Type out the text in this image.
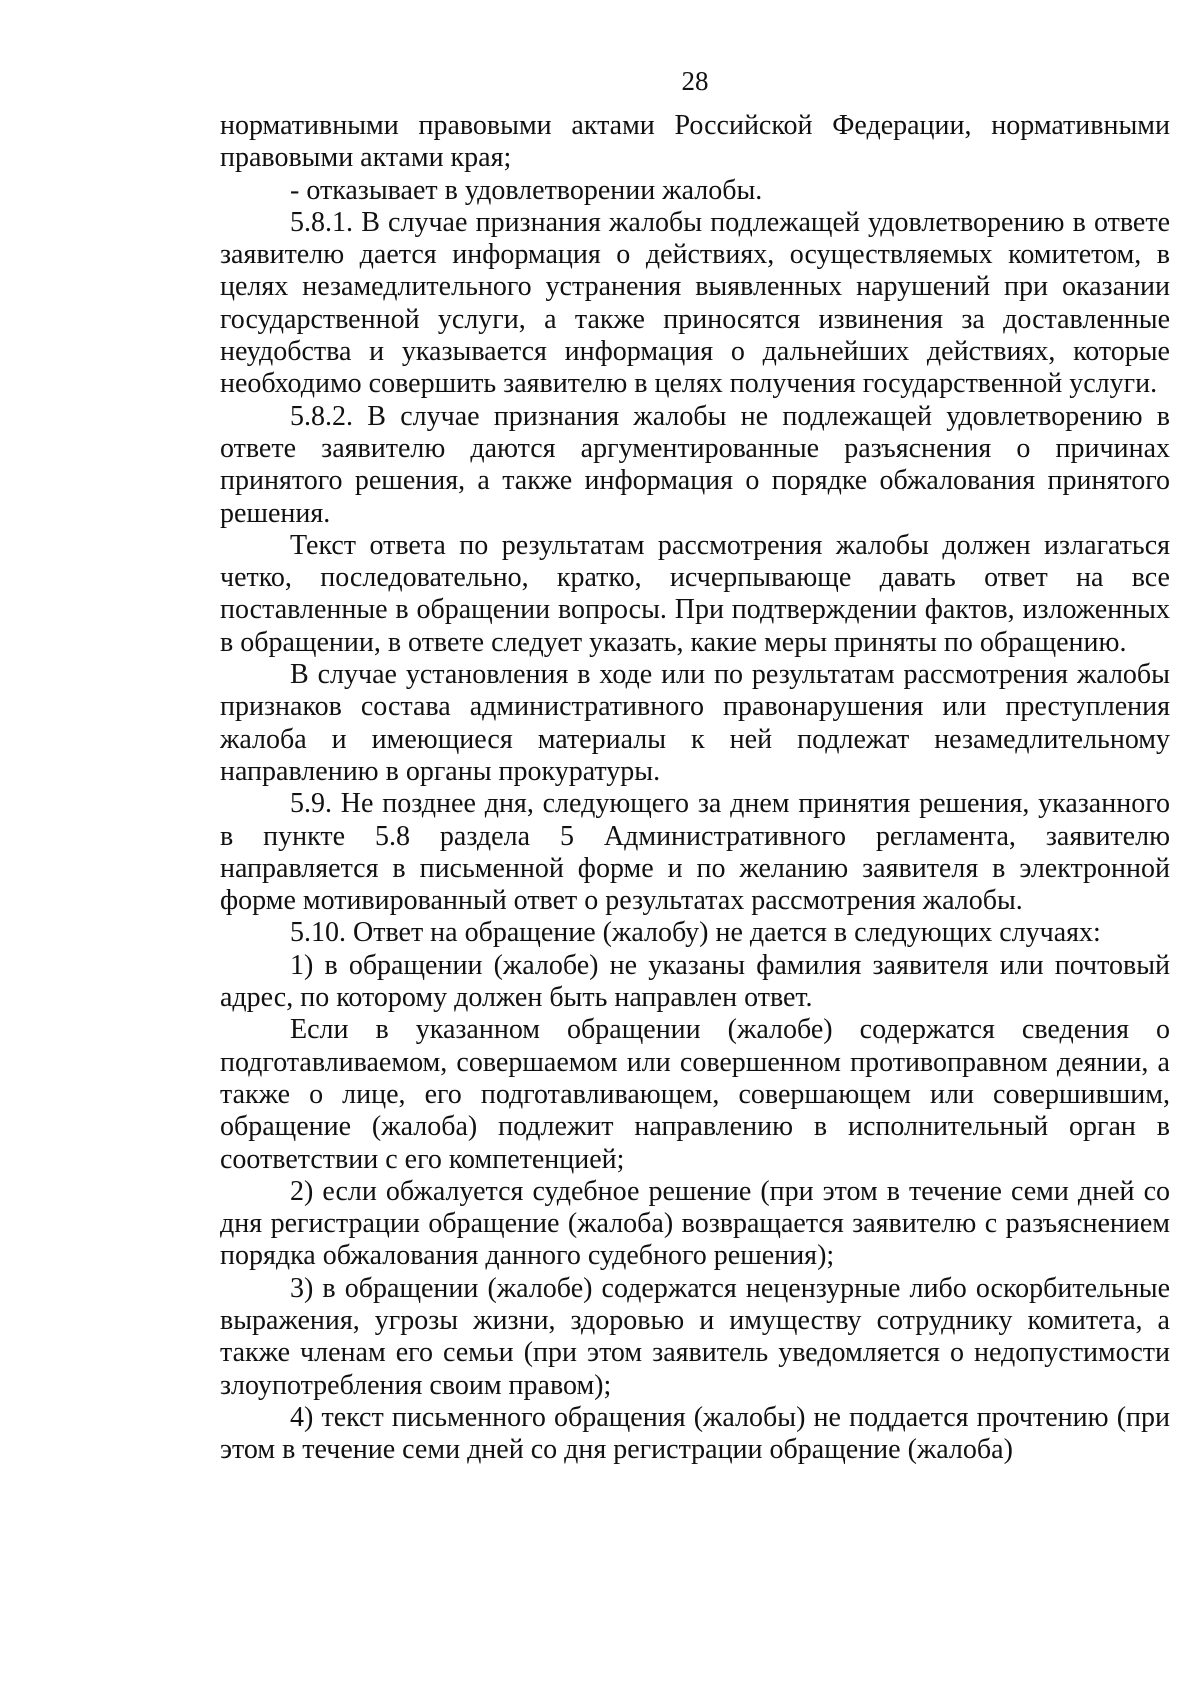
28

нормативными правовыми актами Российской Федерации, нормативными правовыми актами края;

- отказывает в удовлетворении жалобы.

5.8.1. В случае признания жалобы подлежащей удовлетворению в ответе заявителю дается информация о действиях, осуществляемых комитетом, в целях незамедлительного устранения выявленных нарушений при оказании государственной услуги, а также приносятся извинения за доставленные неудобства и указывается информация о дальнейших действиях, которые необходимо совершить заявителю в целях получения государственной услуги.

5.8.2. В случае признания жалобы не подлежащей удовлетворению в ответе заявителю даются аргументированные разъяснения о причинах принятого решения, а также информация о порядке обжалования принятого решения.

Текст ответа по результатам рассмотрения жалобы должен излагаться четко, последовательно, кратко, исчерпывающе давать ответ на все поставленные в обращении вопросы. При подтверждении фактов, изложенных в обращении, в ответе следует указать, какие меры приняты по обращению.

В случае установления в ходе или по результатам рассмотрения жалобы признаков состава административного правонарушения или преступления жалоба и имеющиеся материалы к ней подлежат незамедлительному направлению в органы прокуратуры.

5.9. Не позднее дня, следующего за днем принятия решения, указанного в пункте 5.8 раздела 5 Административного регламента, заявителю направляется в письменной форме и по желанию заявителя в электронной форме мотивированный ответ о результатах рассмотрения жалобы.

5.10. Ответ на обращение (жалобу) не дается в следующих случаях:

1) в обращении (жалобе) не указаны фамилия заявителя или почтовый адрес, по которому должен быть направлен ответ.

Если в указанном обращении (жалобе) содержатся сведения о подготавливаемом, совершаемом или совершенном противоправном деянии, а также о лице, его подготавливающем, совершающем или совершившим, обращение (жалоба) подлежит направлению в исполнительный орган в соответствии с его компетенцией;

2) если обжалуется судебное решение (при этом в течение семи дней со дня регистрации обращение (жалоба) возвращается заявителю с разъяснением порядка обжалования данного судебного решения);

3) в обращении (жалобе) содержатся нецензурные либо оскорбительные выражения, угрозы жизни, здоровью и имуществу сотруднику комитета, а также членам его семьи (при этом заявитель уведомляется о недопустимости злоупотребления своим правом);

4) текст письменного обращения (жалобы) не поддается прочтению (при этом в течение семи дней со дня регистрации обращение (жалоба)
